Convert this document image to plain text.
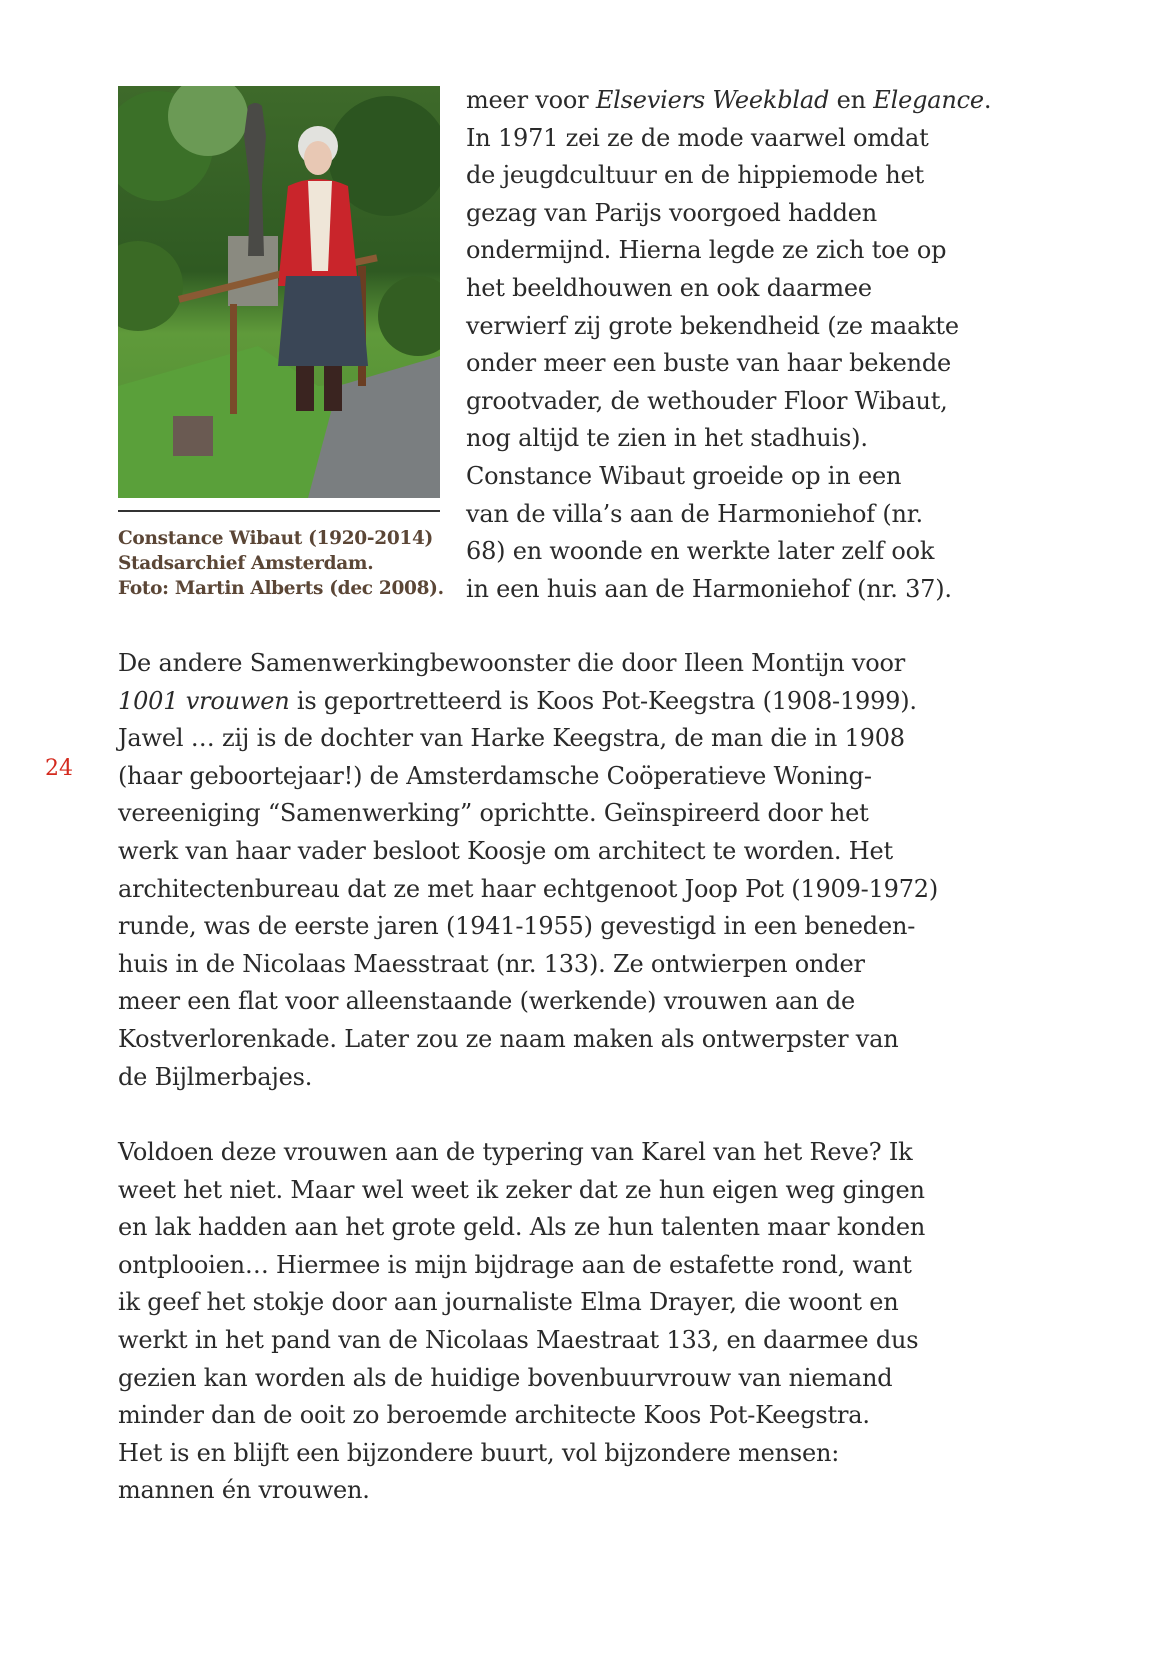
24
Constance Wibaut (1920-2014)
Stadsarchief Amsterdam.
Foto: Martin Alberts (dec 2008).
meer voor Elseviers Weekblad en Elegance.
In 1971 zei ze de mode vaarwel omdat
de jeugdcultuur en de hippiemode het
gezag van Parijs voorgoed hadden
ondermijnd. Hierna legde ze zich toe op
het beeldhouwen en ook daarmee
verwierf zij grote bekendheid (ze maakte
onder meer een buste van haar bekende
grootvader, de wethouder Floor Wibaut,
nog altijd te zien in het stadhuis).
Constance Wibaut groeide op in een
van de villa’s aan de Harmoniehof (nr.
68) en woonde en werkte later zelf ook
in een huis aan de Harmoniehof (nr. 37).
De andere Samenwerkingbewoonster die door Ileen Montijn voor
1001 vrouwen is geportretteerd is Koos Pot-Keegstra (1908-1999).
Jawel … zij is de dochter van Harke Keegstra, de man die in 1908
(haar geboortejaar!) de Amsterdamsche Coöperatieve Woning-
vereeniging “Samenwerking” oprichtte. Geïnspireerd door het
werk van haar vader besloot Koosje om architect te worden. Het
architectenbureau dat ze met haar echtgenoot Joop Pot (1909-1972)
runde, was de eerste jaren (1941-1955) gevestigd in een beneden-
huis in de Nicolaas Maesstraat (nr. 133). Ze ontwierpen onder
meer een flat voor alleenstaande (werkende) vrouwen aan de
Kostverlorenkade. Later zou ze naam maken als ontwerpster van
de Bijlmerbajes.
Voldoen deze vrouwen aan de typering van Karel van het Reve? Ik
weet het niet. Maar wel weet ik zeker dat ze hun eigen weg gingen
en lak hadden aan het grote geld. Als ze hun talenten maar konden
ontplooien… Hiermee is mijn bijdrage aan de estafette rond, want
ik geef het stokje door aan journaliste Elma Drayer, die woont en
werkt in het pand van de Nicolaas Maestraat 133, en daarmee dus
gezien kan worden als de huidige bovenbuurvrouw van niemand
minder dan de ooit zo beroemde architecte Koos Pot-Keegstra.
Het is en blijft een bijzondere buurt, vol bijzondere mensen:
mannen én vrouwen.
